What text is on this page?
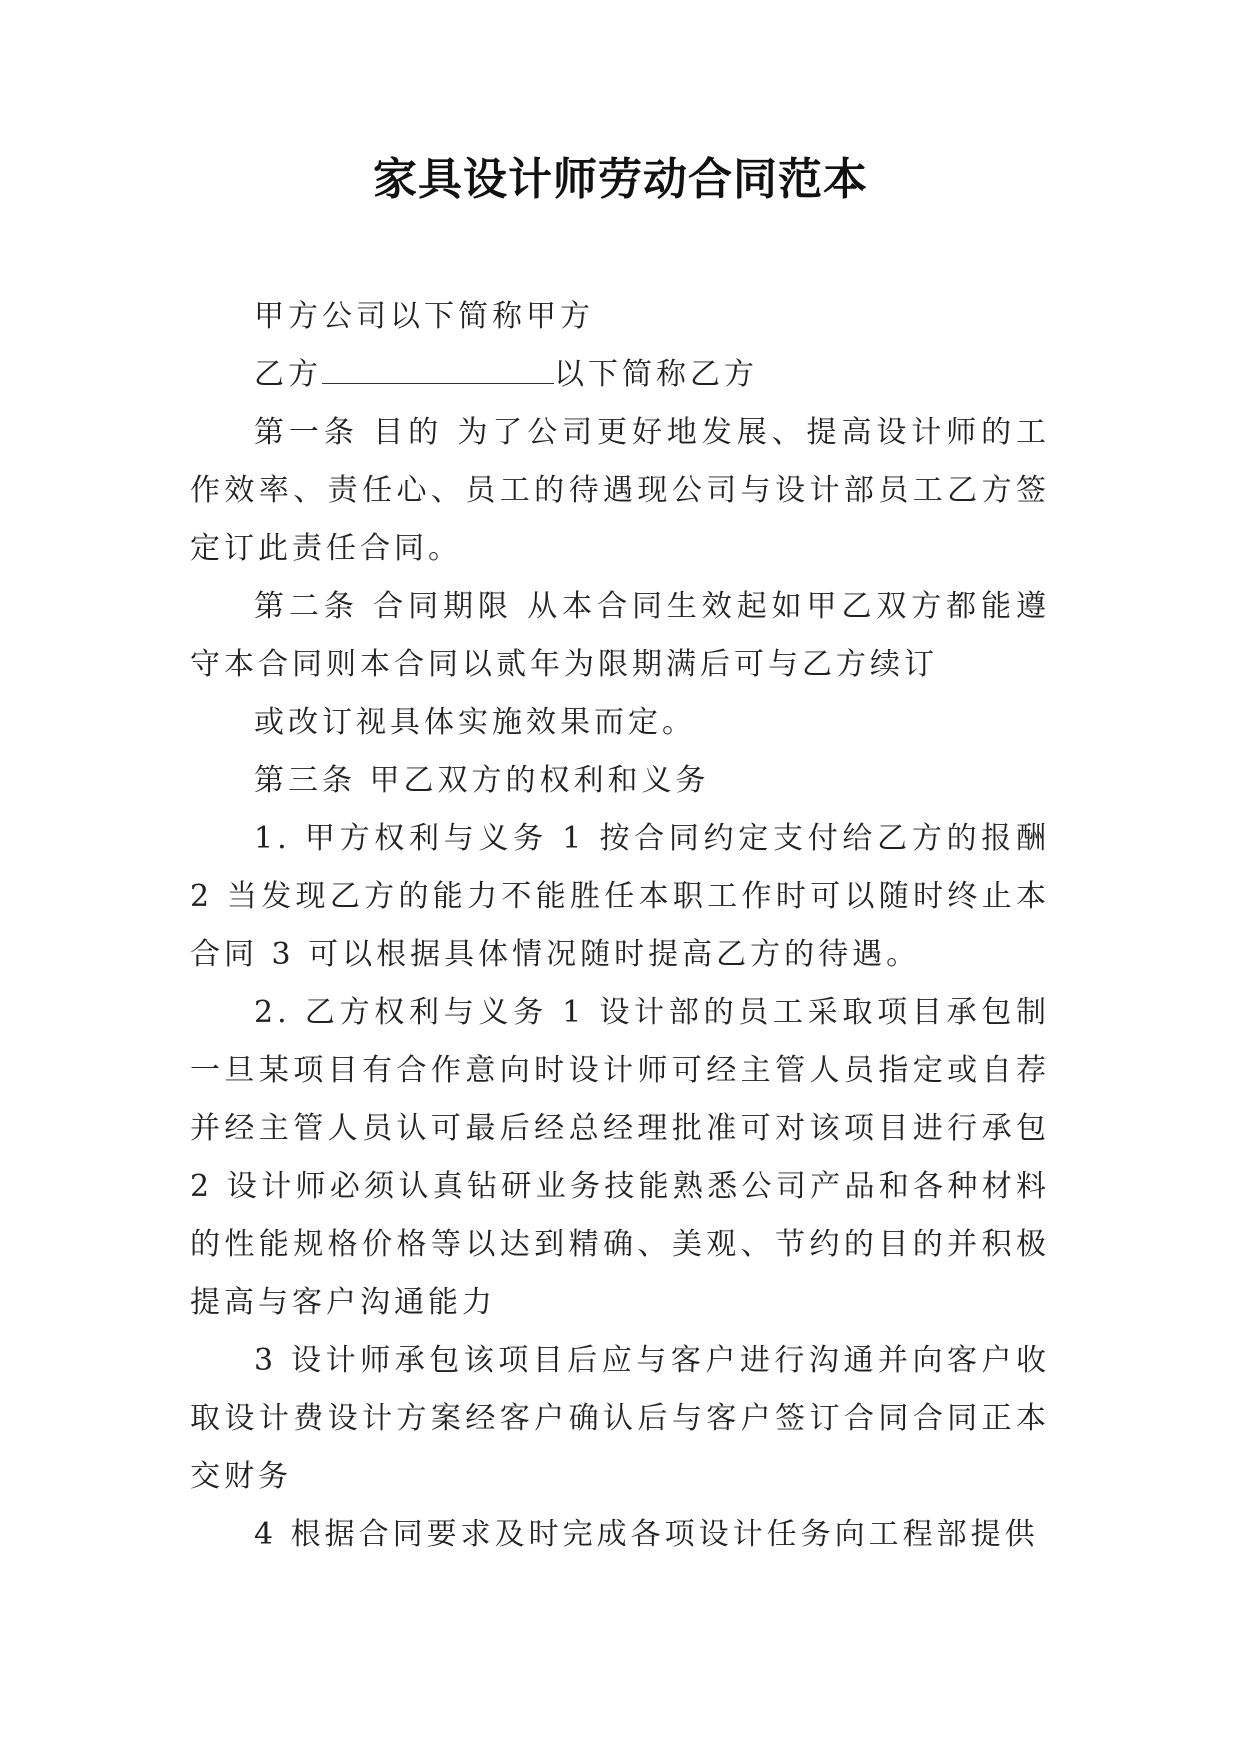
家具设计师劳动合同范本

甲方公司以下简称甲方

乙方	以下简称乙方

第一条 目的 为了公司更好地发展、提高设计师的工作效率、责任心、员工的待遇现公司与设计部员工乙方签定订此责任合同。

第二条 合同期限 从本合同生效起如甲乙双方都能遵守本合同则本合同以贰年为限期满后可与乙方续订

或改订视具体实施效果而定。

第三条 甲乙双方的权利和义务

1. 甲方权利与义务 1 按合同约定支付给乙方的报酬 2 当发现乙方的能力不能胜任本职工作时可以随时终止本合同 3 可以根据具体情况随时提高乙方的待遇。

2. 乙方权利与义务 1 设计部的员工采取项目承包制一旦某项目有合作意向时设计师可经主管人员指定或自荐并经主管人员认可最后经总经理批准可对该项目进行承包 2 设计师必须认真钻研业务技能熟悉公司产品和各种材料的性能规格价格等以达到精确、美观、节约的目的并积极提高与客户沟通能力

3 设计师承包该项目后应与客户进行沟通并向客户收取设计费设计方案经客户确认后与客户签订合同合同正本交财务

4 根据合同要求及时完成各项设计任务向工程部提供
